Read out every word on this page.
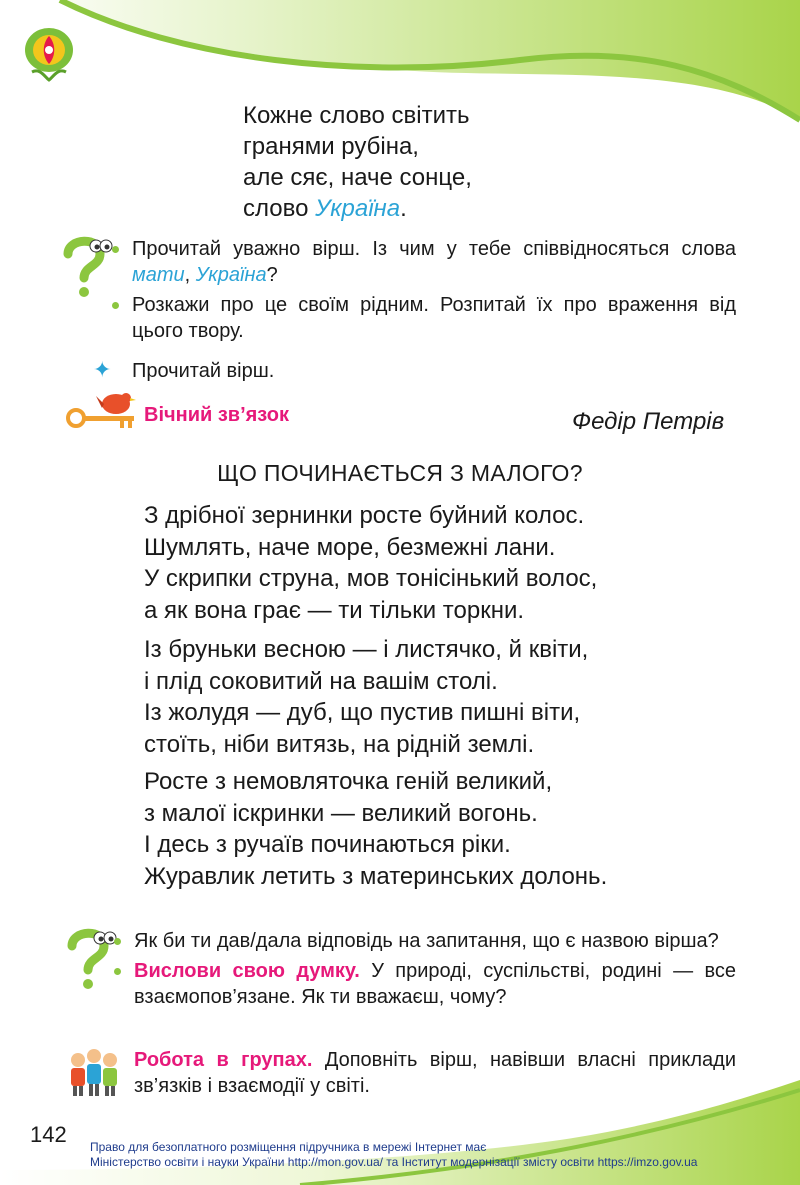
Кожне слово світить
гранями рубіна,
але сяє, наче сонце,
слово Україна.
Прочитай уважно вірш. Із чим у тебе співвідносяться слова мати, Україна?
Розкажи про це своїм рідним. Розпитай їх про враження від цього твору.
✦ Прочитай вірш.
Вічний зв’язок	Федір Петрів
ЩО ПОЧИНАЄТЬСЯ З МАЛОГО?
З дрібної зернинки росте буйний колос.
Шумлять, наче море, безмежні лани.
У скрипки струна, мов тонісінький волос,
а як вона грає — ти тільки торкни.
Із бруньки весною — і листячко, й квіти,
і плід соковитий на вашім столі.
Із жолудя — дуб, що пустив пишні віти,
стоїть, ніби витязь, на рідній землі.
Росте з немовляточка геній великий,
з малої іскринки — великий вогонь.
І десь з ручаїв починаються ріки.
Журавлик летить з материнських долонь.
Як би ти дав/дала відповідь на запитання, що є назвою вірша?
Вислови свою думку. У природі, суспільстві, родині — все взаємопов’язане. Як ти вважаєш, чому?
Робота в групах. Доповніть вірш, навівши власні приклади зв’язків і взаємодії у світі.
142 Право для безоплатного розміщення підручника в мережі Інтернет має
Міністерство освіти і науки України http://mon.gov.ua/ та Інститут модернізації змісту освіти https://imzo.gov.ua
